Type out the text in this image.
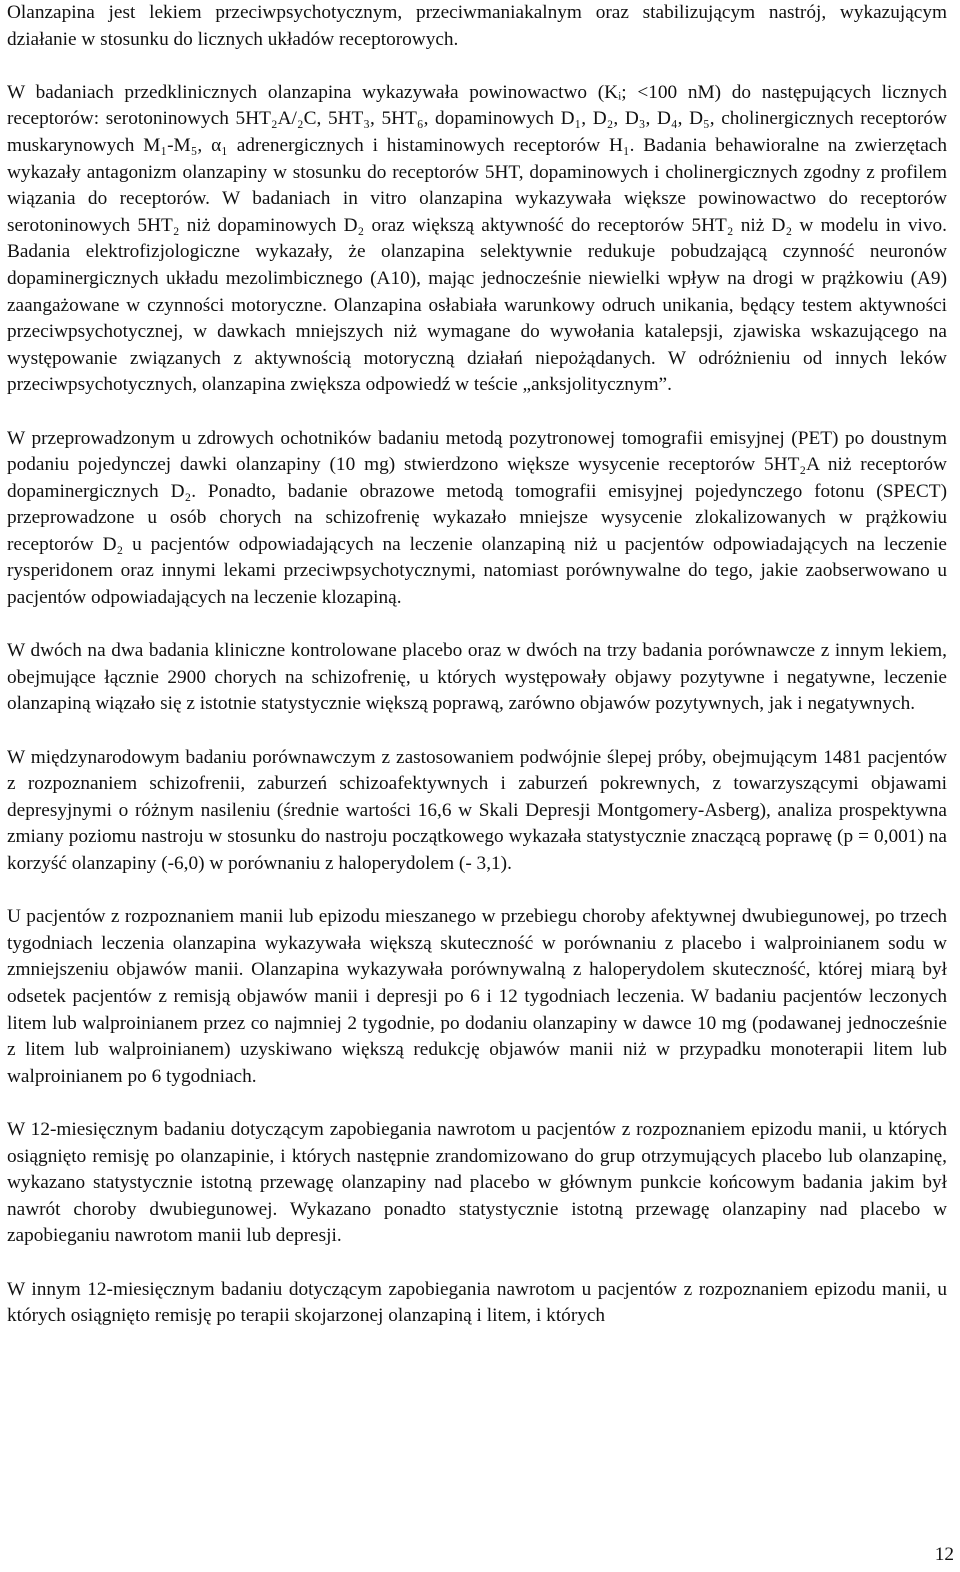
Olanzapina jest lekiem przeciwpsychotycznym, przeciwmaniakalnym oraz stabilizującym nastrój, wykazującym działanie w stosunku do licznych układów receptorowych.

W badaniach przedklinicznych olanzapina wykazywała powinowactwo (Kᵢ; <100 nM) do następujących licznych receptorów: serotoninowych 5HT₂A/₂C, 5HT₃, 5HT₆, dopaminowych D₁, D₂, D₃, D₄, D₅, cholinergicznych receptorów muskarynowych M₁-M₅, α₁ adrenergicznych i histaminowych receptorów H₁. Badania behawioralne na zwierzętach wykazały antagonizm olanzapiny w stosunku do receptorów 5HT, dopaminowych i cholinergicznych zgodny z profilem wiązania do receptorów. W badaniach in vitro olanzapina wykazywała większe powinowactwo do receptorów serotoninowych 5HT₂ niż dopaminowych D₂ oraz większą aktywność do receptorów 5HT₂ niż D₂ w modelu in vivo. Badania elektrofizjologiczne wykazały, że olanzapina selektywnie redukuje pobudzającą czynność neuronów dopaminergicznych układu mezolimbicznego (A10), mając jednocześnie niewielki wpływ na drogi w prążkowiu (A9) zaangażowane w czynności motoryczne. Olanzapina osłabiała warunkowy odruch unikania, będący testem aktywności przeciwpsychotycznej, w dawkach mniejszych niż wymagane do wywołania katalepsji, zjawiska wskazującego na występowanie związanych z aktywnością motoryczną działań niepożądanych. W odróżnieniu od innych leków przeciwpsychotycznych, olanzapina zwiększa odpowiedź w teście „anksjolitycznym”.

W przeprowadzonym u zdrowych ochotników badaniu metodą pozytronowej tomografii emisyjnej (PET) po doustnym podaniu pojedynczej dawki olanzapiny (10 mg) stwierdzono większe wysycenie receptorów 5HT₂A niż receptorów dopaminergicznych D₂. Ponadto, badanie obrazowe metodą tomografii emisyjnej pojedynczego fotonu (SPECT) przeprowadzone u osób chorych na schizofrenię wykazało mniejsze wysycenie zlokalizowanych w prążkowiu receptorów D₂ u pacjentów odpowiadających na leczenie olanzapiną niż u pacjentów odpowiadających na leczenie rysperidonem oraz innymi lekami przeciwpsychotycznymi, natomiast porównywalne do tego, jakie zaobserwowano u pacjentów odpowiadających na leczenie klozapiną.

W dwóch na dwa badania kliniczne kontrolowane placebo oraz w dwóch na trzy badania porównawcze z innym lekiem, obejmujące łącznie 2900 chorych na schizofrenię, u których występowały objawy pozytywne i negatywne, leczenie olanzapiną wiązało się z istotnie statystycznie większą poprawą, zarówno objawów pozytywnych, jak i negatywnych.

W międzynarodowym badaniu porównawczym z zastosowaniem podwójnie ślepej próby, obejmującym 1481 pacjentów z rozpoznaniem schizofrenii, zaburzeń schizoafektywnych i zaburzeń pokrewnych, z towarzyszącymi objawami depresyjnymi o różnym nasileniu (średnie wartości 16,6 w Skali Depresji Montgomery-Asberg), analiza prospektywna zmiany poziomu nastroju w stosunku do nastroju początkowego wykazała statystycznie znaczącą poprawę (p = 0,001) na korzyść olanzapiny (-6,0) w porównaniu z haloperydolem (- 3,1).

U pacjentów z rozpoznaniem manii lub epizodu mieszanego w przebiegu choroby afektywnej dwubiegunowej, po trzech tygodniach leczenia olanzapina wykazywała większą skuteczność w porównaniu z placebo i walproinianem sodu w zmniejszeniu objawów manii. Olanzapina wykazywała porównywalną z haloperydolem skuteczność, której miarą był odsetek pacjentów z remisją objawów manii i depresji po 6 i 12 tygodniach leczenia. W badaniu pacjentów leczonych litem lub walproinianem przez co najmniej 2 tygodnie, po dodaniu olanzapiny w dawce 10 mg (podawanej jednocześnie z litem lub walproinianem) uzyskiwano większą redukcję objawów manii niż w przypadku monoterapii litem lub walproinianem po 6 tygodniach.

W 12-miesięcznym badaniu dotyczącym zapobiegania nawrotom u pacjentów z rozpoznaniem epizodu manii, u których osiągnięto remisję po olanzapinie, i których następnie zrandomizowano do grup otrzymujących placebo lub olanzapinę, wykazano statystycznie istotną przewagę olanzapiny nad placebo w głównym punkcie końcowym badania jakim był nawrót choroby dwubiegunowej. Wykazano ponadto statystycznie istotną przewagę olanzapiny nad placebo w zapobieganiu nawrotom manii lub depresji.

W innym 12-miesięcznym badaniu dotyczącym zapobiegania nawrotom u pacjentów z rozpoznaniem epizodu manii, u których osiągnięto remisję po terapii skojarzonej olanzapiną i litem, i których

12
